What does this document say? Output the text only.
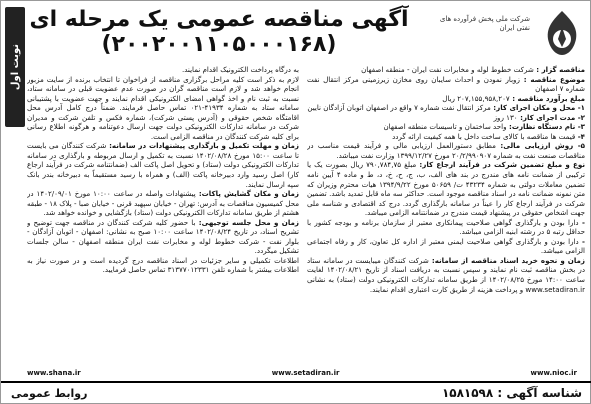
شرکت ملی پخش فرآورده های نفتی ایران
آگهی مناقصه عمومی یک مرحله ای (۲۰۰۲۰۰۱۱۰۵۰۰۰۱۶۸)
نوبت اول	مناقصه گزار : شرکت خطوط لوله و مخابرات نفت ایران - منطقه اصفهان

موضوع مناقصه : زوبار نمودن و احداث سایبان روی مخازن زیرزمینی مرکز انتقال نفت شماره ۷ اصفهان

مبلغ برآورد مناقصه : ۲۰۷,۱۵۵,۹۵۸,۲۰۷ ریال

۱- محل و مکان اجرای کار: مرکز انتقال نفت شماره ۷ واقع در اصفهان اتوبان آزادگان نایین

۲- مدت اجرای کار: ۱۳۰ روز

۳- نام دستگاه نظارت: واحد ساختمان و تاسیسات منطقه اصفهان

۴- قیمت ها مناقصه با کالای ساخت داخل با همه کیفیت ارائه گردد

۵- روش ارزیابی مالی: مطابق دستورالعمل ارزیابی مالی و فرآیند قیمت مناسب در مناقصات صنعت نفت به شماره ۲۰/۲/۹۹۰۹۰۷ مورخ ۱۳۹۹/۱۲/۲۷ وزارت نفت میباشد.

نوع و مبلغ تضمین شرکت در فرآیند ارجاع کار: مبلغ ۷۹۰,۷۸۴,۷۵ ریال بصورت یک یا ترکیبی از ضمانت نامه های مندرج در بند های الف، ب، ج، ح، خ، د، ط و ماده ۴ آیین نامه تضمین معاملات دولتی به شماره ۴۳۲۳۴ ت/ ۵۰۶۵۹ مورخ ۱۳۹۴/۹/۲۲ هیات محترم وزیران که متن نمونه ضمانت نامه در اسناد مناقصه موجود است. حداکثر سه ماه قابل تمدید باشد. تضمین شرکت در فرآیند ارجاع کار را عیناً در سامانه بارگذاری گردد. درج کد اقتصادی و شناسه ملی جهت اشخاص حقوقی در پیشنهاد قیمت مندرج در ضمانتنامه الزامی میباشد.

- دارا بودن و بارگذاری گواهی صلاحیت پیمانکاری معتبر از سازمان برنامه و بودجه کشور با حداقل رتبه ۵ در رشته ابنیه الزامی میباشد.

- دارا بودن و بارگذاری گواهی صلاحیت ایمنی معتبر از اداره کل تعاون، کار و رفاه اجتماعی الزامی میباشد.

زمان و نحوه خرید اسناد مناقصه از سامانه: شرکت کنندگان میبایست در سامانه ستاد در بخش مناقصه ثبت نام نمایند و سپس نسبت به دریافت اسناد از تاریخ ۱۴۰۲/۰۸/۲۱ لغایت ساعت ۱۴:۰۰ مورخ ۱۴۰۲/۰۸/۲۵ از طریق سامانه تدارکات الکترونیکی دولت (ستاد) به نشانی www.setadiran.ir و پرداخت هزینه از طریق کارت اعتباری اقدام نمایند.

به درگاه پرداخت الکترونیک اقدام نمایند.

لازم به ذکر است کلیه مراحل برگزاری مناقصه از فراخوان تا انتخاب برنده از سایت مزبور انجام خواهد شد و لازم است مناقصه گران در صورت عدم عضویت قبلی در سامانه ستاد، نسبت به ثبت نام و اخذ گواهی امضای الکترونیکی اقدام نمایند و جهت عضویت با پشتیبانی سامانه ستاد به شماره ۴۱۹۳۴-۰۲۱ تماس حاصل فرمایند. ضمناً درج کامل آدرس محل اقامتگاه شخص حقوقی و (آدرس پستی شرکت)، شماره فکس و تلفن شرکت و مدیران شرکت در سامانه تدارکات الکترونیکی دولت جهت ارسال دعوتنامه و هرگونه اطلاع رسانی برای کلیه شرکت کنندگان در مناقصه الزامی است.

زمان و مهلت تکمیل و بارگذاری پیشنهادات در سامانه: شرکت کنندگان می بایست تا ساعت ۱۵:۰۰ مورخ ۱۴۰۲/۰۸/۲۸ نسبت به تکمیل و ارسال مربوطه و بارگذاری در سامانه تدارکات الکترونیکی دولت (ستاد) و تحویل اصل پاکت الف (ضمانتنامه شرکت در فرآیند ارجاع کار) اصل رسید وارد دبیرخانه پاکت (الف) و همراه با رسید مستقیماً به دبیرخانه بندر بانک سپه ارسال نمایند.

زمان و مکان گشایش پاکات: پیشنهادات واصله در ساعت ۱۰:۰۰ مورخ ۱۴۰۲/۰۹/۰۱ در محل کمیسیون مناقصات به آدرس: تهران - خیابان سپهبد قرنی - خیابان صبا - پلاک ۱۸ - طبقه هشتم از طریق سامانه تدارکات الکترونیکی دولت (ستاد) بازگشایی و خوانده خواهد شد.

زمان و محل جلسه توجیهی: با حضور کلیه شرکت کنندگان در مناقصه جهت توضیح و تشریح اسناد، در تاریخ ۱۴۰۲/۰۸/۲۴ ساعت ۱۰:۰۰ صبح به نشانی: اصفهان - اتوبان آزادگان - بلوار نفت - شرکت خطوط لوله و مخابرات نفت ایران منطقه اصفهان - سالن جلسات تشکیل میگردد.

اطلاعات تکمیلی و سایر جزئیات در اسناد مناقصه درج گردیده است و در صورت نیاز به اطلاعات بیشتر با شماره تلفن ۳۱۳۷۷۰۱۲۳۳۱ تماس حاصل فرمایید.

www.shana.ir	www.setadiran.ir	www.nioc.ir
شناسه آگهی : ۱۵۸۱۵۹۸
روابط عمومی
